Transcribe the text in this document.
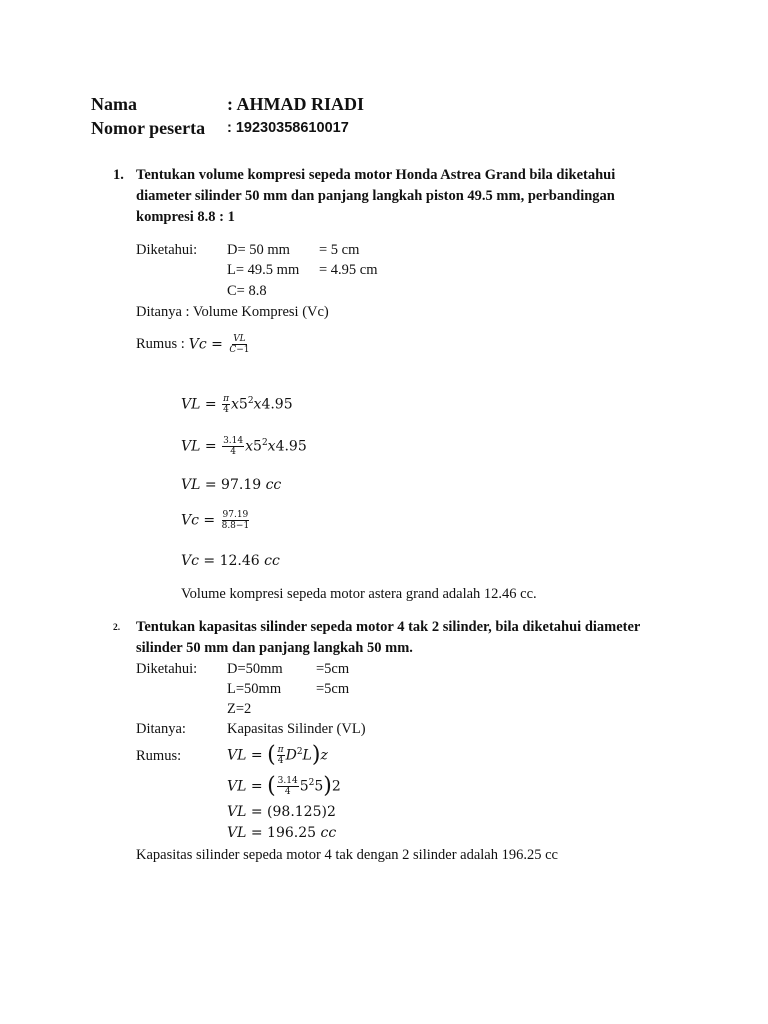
Nama	: AHMAD RIADI
Nomor peserta : 19230358610017
1. Tentukan volume kompresi sepeda motor Honda Astrea Grand bila diketahui
diameter silinder 50 mm dan panjang langkah piston 49.5 mm, perbandingan
kompresi 8.8 : 1
Diketahui: D= 50 mm = 5 cm
L= 49.5 mm = 4.95 cm
C= 8.8
Ditanya : Volume Kompresi (Vc)
Rumus : $Vc = \frac{VL}{C-1}$
VL = $\frac{\pi}{4} x5^2x4.95$
VL = $\frac{3.14}{4} x5^2x4.95$
VL = 97.19 cc
$Vc = \frac{97.19}{8.8-1}$
Vc = 12.46 cc
Volume kompresi sepeda motor astera grand adalah 12.46 cc.
2. Tentukan kapasitas silinder sepeda motor 4 tak 2 silinder, bila diketahui diameter
silinder 50 mm dan panjang langkah 50 mm.
Diketahui: D=50mm =5cm
L=50mm =5cm
Z=2
Ditanya:	Kapasitas Silinder (VL)
Rumus:	VL = ( $\frac{\pi}{4} D^2L)z$
VL = ( $\frac{3.14}{4} 5^25)2$
VL = (98.125)2
VL = 196.25 cc
Kapasitas silinder sepeda motor 4 tak dengan 2 silinder adalah 196.25 cc
